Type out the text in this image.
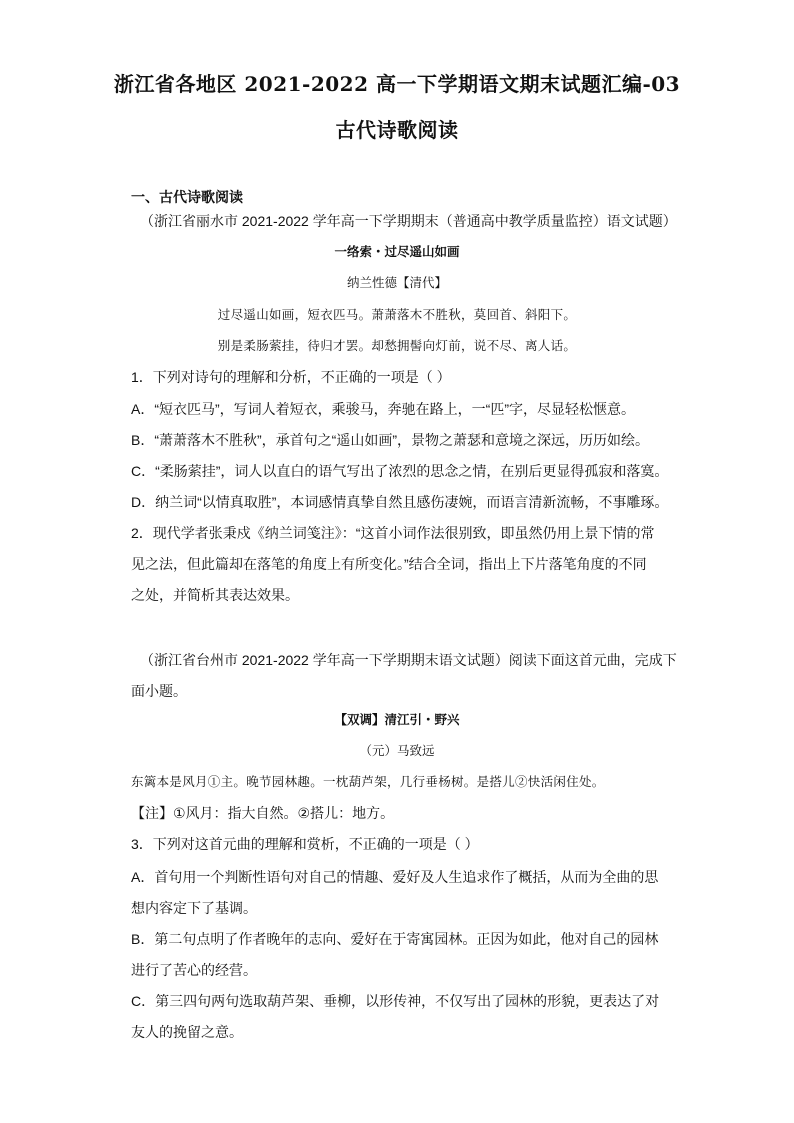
浙江省各地区 2021-2022 高一下学期语文期末试题汇编-03
古代诗歌阅读
一、古代诗歌阅读
（浙江省丽水市 2021-2022 学年高一下学期期末（普通高中教学质量监控）语文试题）
一络索・过尽遥山如画
纳兰性德【清代】
过尽遥山如画，短衣匹马。萧萧落木不胜秋，莫回首、斜阳下。
别是柔肠萦挂，待归才罢。却愁拥髻向灯前，说不尽、离人话。
1．下列对诗句的理解和分析，不正确的一项是（ ）
A．“短衣匹马”，写词人着短衣，乘骏马，奔驰在路上，一“匹”字，尽显轻松惬意。
B．“萧萧落木不胜秋”，承首句之“遥山如画”，景物之萧瑟和意境之深远，历历如绘。
C．“柔肠萦挂”，词人以直白的语气写出了浓烈的思念之情，在别后更显得孤寂和落寞。
D．纳兰词“以情真取胜”，本词感情真挚自然且感伤凄婉，而语言清新流畅，不事雕琢。
2．现代学者张秉戍《纳兰词笺注》：“这首小词作法很别致，即虽然仍用上景下情的常
见之法，但此篇却在落笔的角度上有所变化。”结合全词，指出上下片落笔角度的不同
之处，并简析其表达效果。
（浙江省台州市 2021-2022 学年高一下学期期末语文试题）阅读下面这首元曲，完成下
面小题。
【双调】清江引・野兴
（元）马致远
东篱本是风月①主。晚节园林趣。一枕葫芦架，几行垂杨树。是搭儿②快活闲住处。
【注】①风月：指大自然。②搭儿：地方。
3．下列对这首元曲的理解和赏析，不正确的一项是（ ）
A．首句用一个判断性语句对自己的情趣、爱好及人生追求作了概括，从而为全曲的思
想内容定下了基调。
B．第二句点明了作者晚年的志向、爱好在于寄寓园林。正因为如此，他对自己的园林
进行了苦心的经营。
C．第三四句两句选取葫芦架、垂柳，以形传神，不仅写出了园林的形貌，更表达了对
友人的挽留之意。
